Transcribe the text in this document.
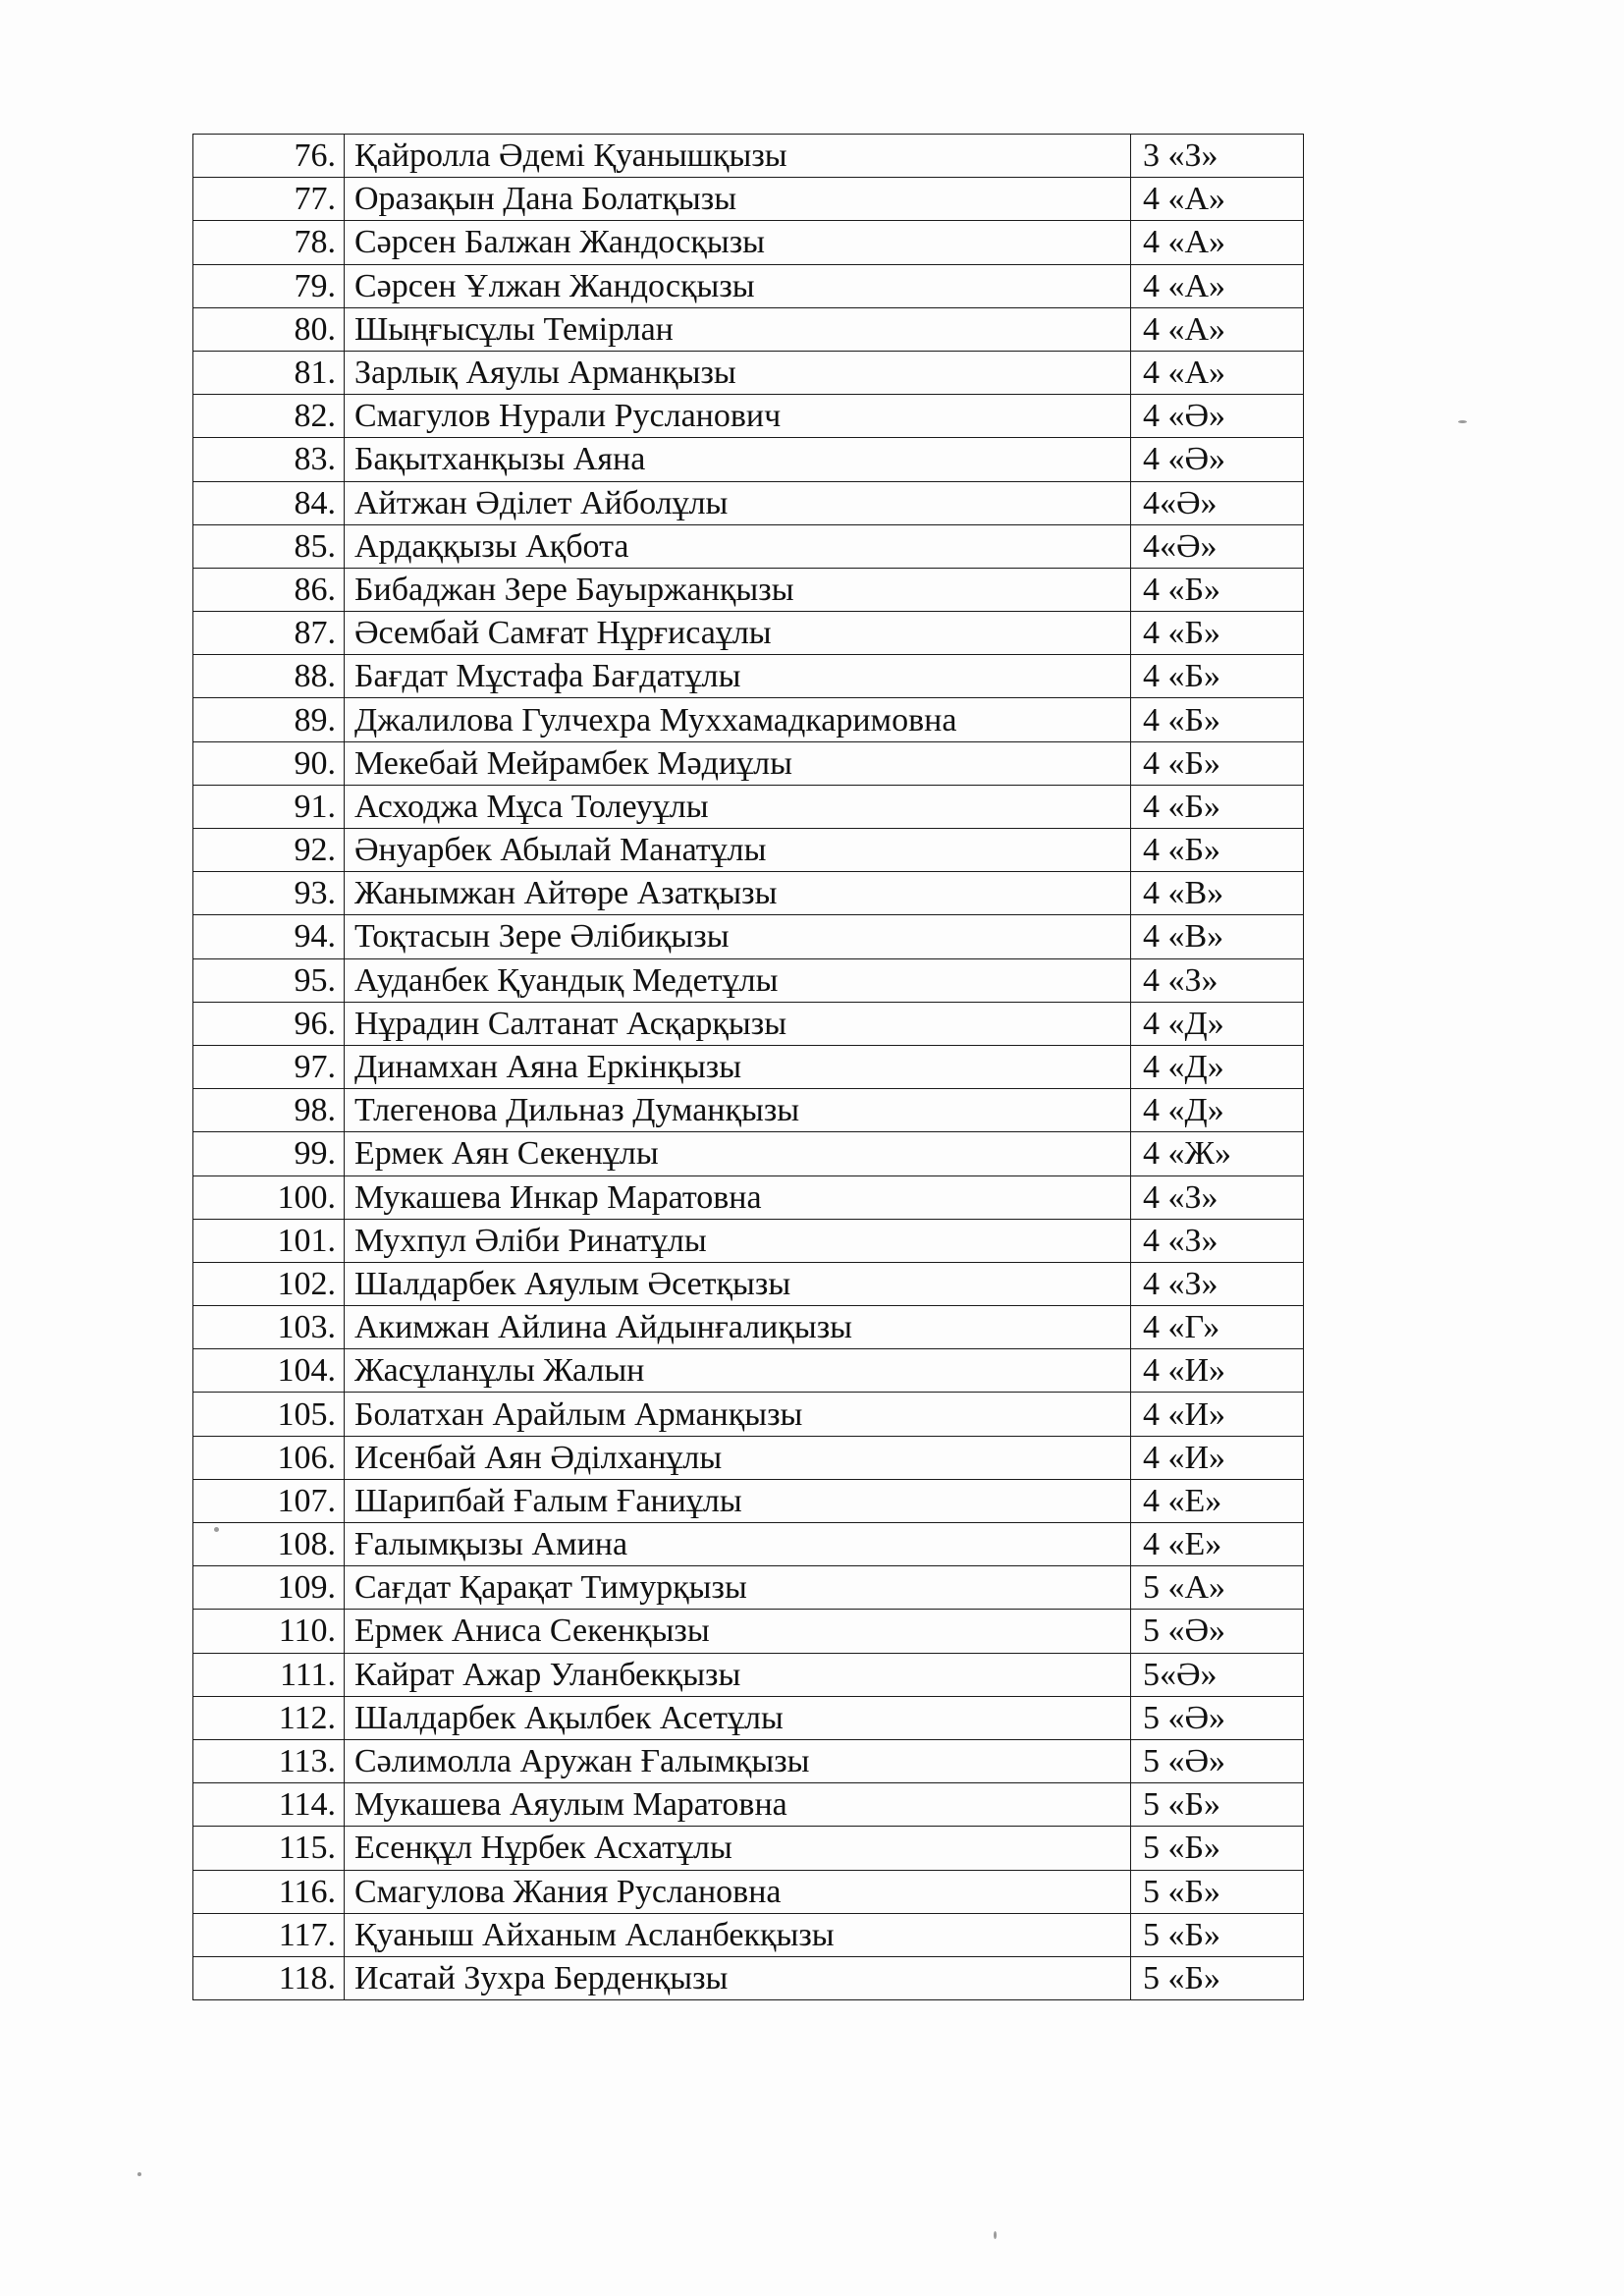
76.	Қайролла Әдемі Қуанышқызы	3 «З»
77.	Оразақын Дана Болатқызы	4 «А»
78.	Сәрсен Балжан Жандосқызы	4 «А»
79.	Сәрсен Ұлжан Жандосқызы	4 «А»
80.	Шыңғысұлы Темірлан	4 «А»
81.	Зарлық Аяулы Арманқызы	4 «А»
82.	Смагулов Нурали Русланович	4 «Ә»
83.	Бақытханқызы Аяна	4 «Ә»
84.	Айтжан Әділет Айболұлы	4«Ә»
85.	Ардаққызы Ақбота	4«Ә»
86.	Бибаджан Зере Бауыржанқызы	4 «Б»
87.	Әсембай Самғат Нұрғисаұлы	4 «Б»
88.	Бағдат Мұстафа Бағдатұлы	4 «Б»
89.	Джалилова Гулчехра Муххамадкаримовна	4 «Б»
90.	Мекебай Мейрамбек Мәдиұлы	4 «Б»
91.	Асходжа Мұса Толеуұлы	4 «Б»
92.	Әнуарбек Абылай Манатұлы	4 «Б»
93.	Жанымжан Айтөре Азатқызы	4 «В»
94.	Тоқтасын Зере Әлібиқызы	4 «В»
95.	Ауданбек Қуандық Медетұлы	4 «З»
96.	Нұрадин Салтанат Асқарқызы	4 «Д»
97.	Динамхан Аяна Еркінқызы	4 «Д»
98.	Тлегенова Дильназ Думанқызы	4 «Д»
99.	Ермек Аян Секенұлы	4 «Ж»
100.	Мукашева Инкар Маратовна	4 «З»
101.	Мухпул Әліби Ринатұлы	4 «З»
102.	Шалдарбек Аяулым Әсетқызы	4 «З»
103.	Акимжан Айлина Айдынғалиқызы	4 «Г»
104.	Жасұланұлы Жалын	4 «И»
105.	Болатхан Арайлым Арманқызы	4 «И»
106.	Исенбай Аян Әділханұлы	4 «И»
107.	Шарипбай Ғалым Ғаниұлы	4 «Е»
108.	Ғалымқызы Амина	4 «Е»
109.	Сағдат Қарақат Тимурқызы	5 «А»
110.	Ермек Аниса Секенқызы	5 «Ә»
111.	Кайрат Ажар Уланбекқызы	5«Ә»
112.	Шалдарбек Ақылбек Асетұлы	5 «Ә»
113.	Сәлимолла Аружан Ғалымқызы	5 «Ә»
114.	Мукашева Аяулым Маратовна	5 «Б»
115.	Есенқұл Нұрбек Асхатұлы	5 «Б»
116.	Смагулова Жания Руслановна	5 «Б»
117.	Қуаныш Айханым Асланбекқызы	5 «Б»
118.	Исатай Зухра Берденқызы	5 «Б»
